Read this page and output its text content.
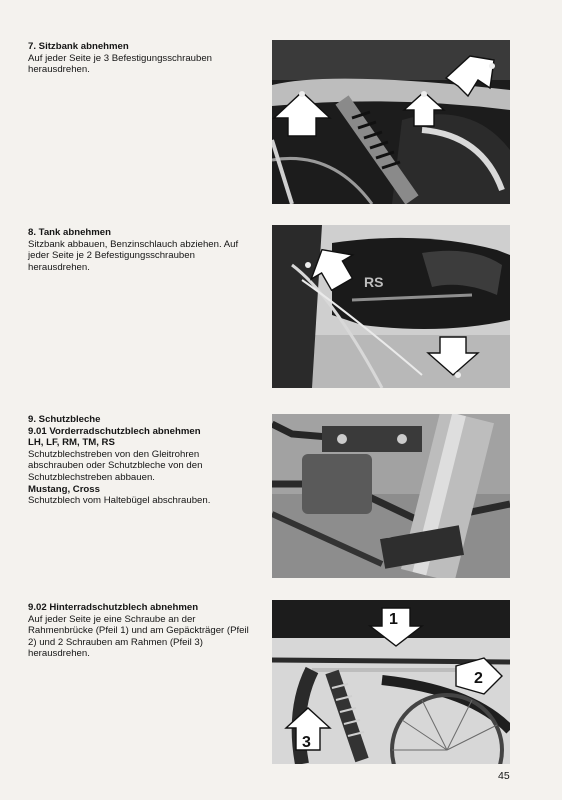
7. Sitzbank abnehmen

Auf jeder Seite je 3 Befestigungsschrauben herausdrehen.

8. Tank abnehmen

Sitzbank abbauen, Benzinschlauch abziehen. Auf jeder Seite je 2 Befestigungsschrauben herausdrehen.

RS

9. Schutzbleche

9.01 Vorderradschutzblech abnehmen

LH, LF, RM, TM, RS

Schutzblechstreben von den Gleitrohren abschrauben oder Schutzbleche von den Schutzblechstreben abbauen.

Mustang, Cross

Schutzblech vom Haltebügel abschrauben.

9.02 Hinterradschutzblech abnehmen

Auf jeder Seite je eine Schraube an der Rahmenbrücke (Pfeil 1) und am Gepäckträger (Pfeil 2) und 2 Schrauben am Rahmen (Pfeil 3) herausdrehen.

1
2
3
45
